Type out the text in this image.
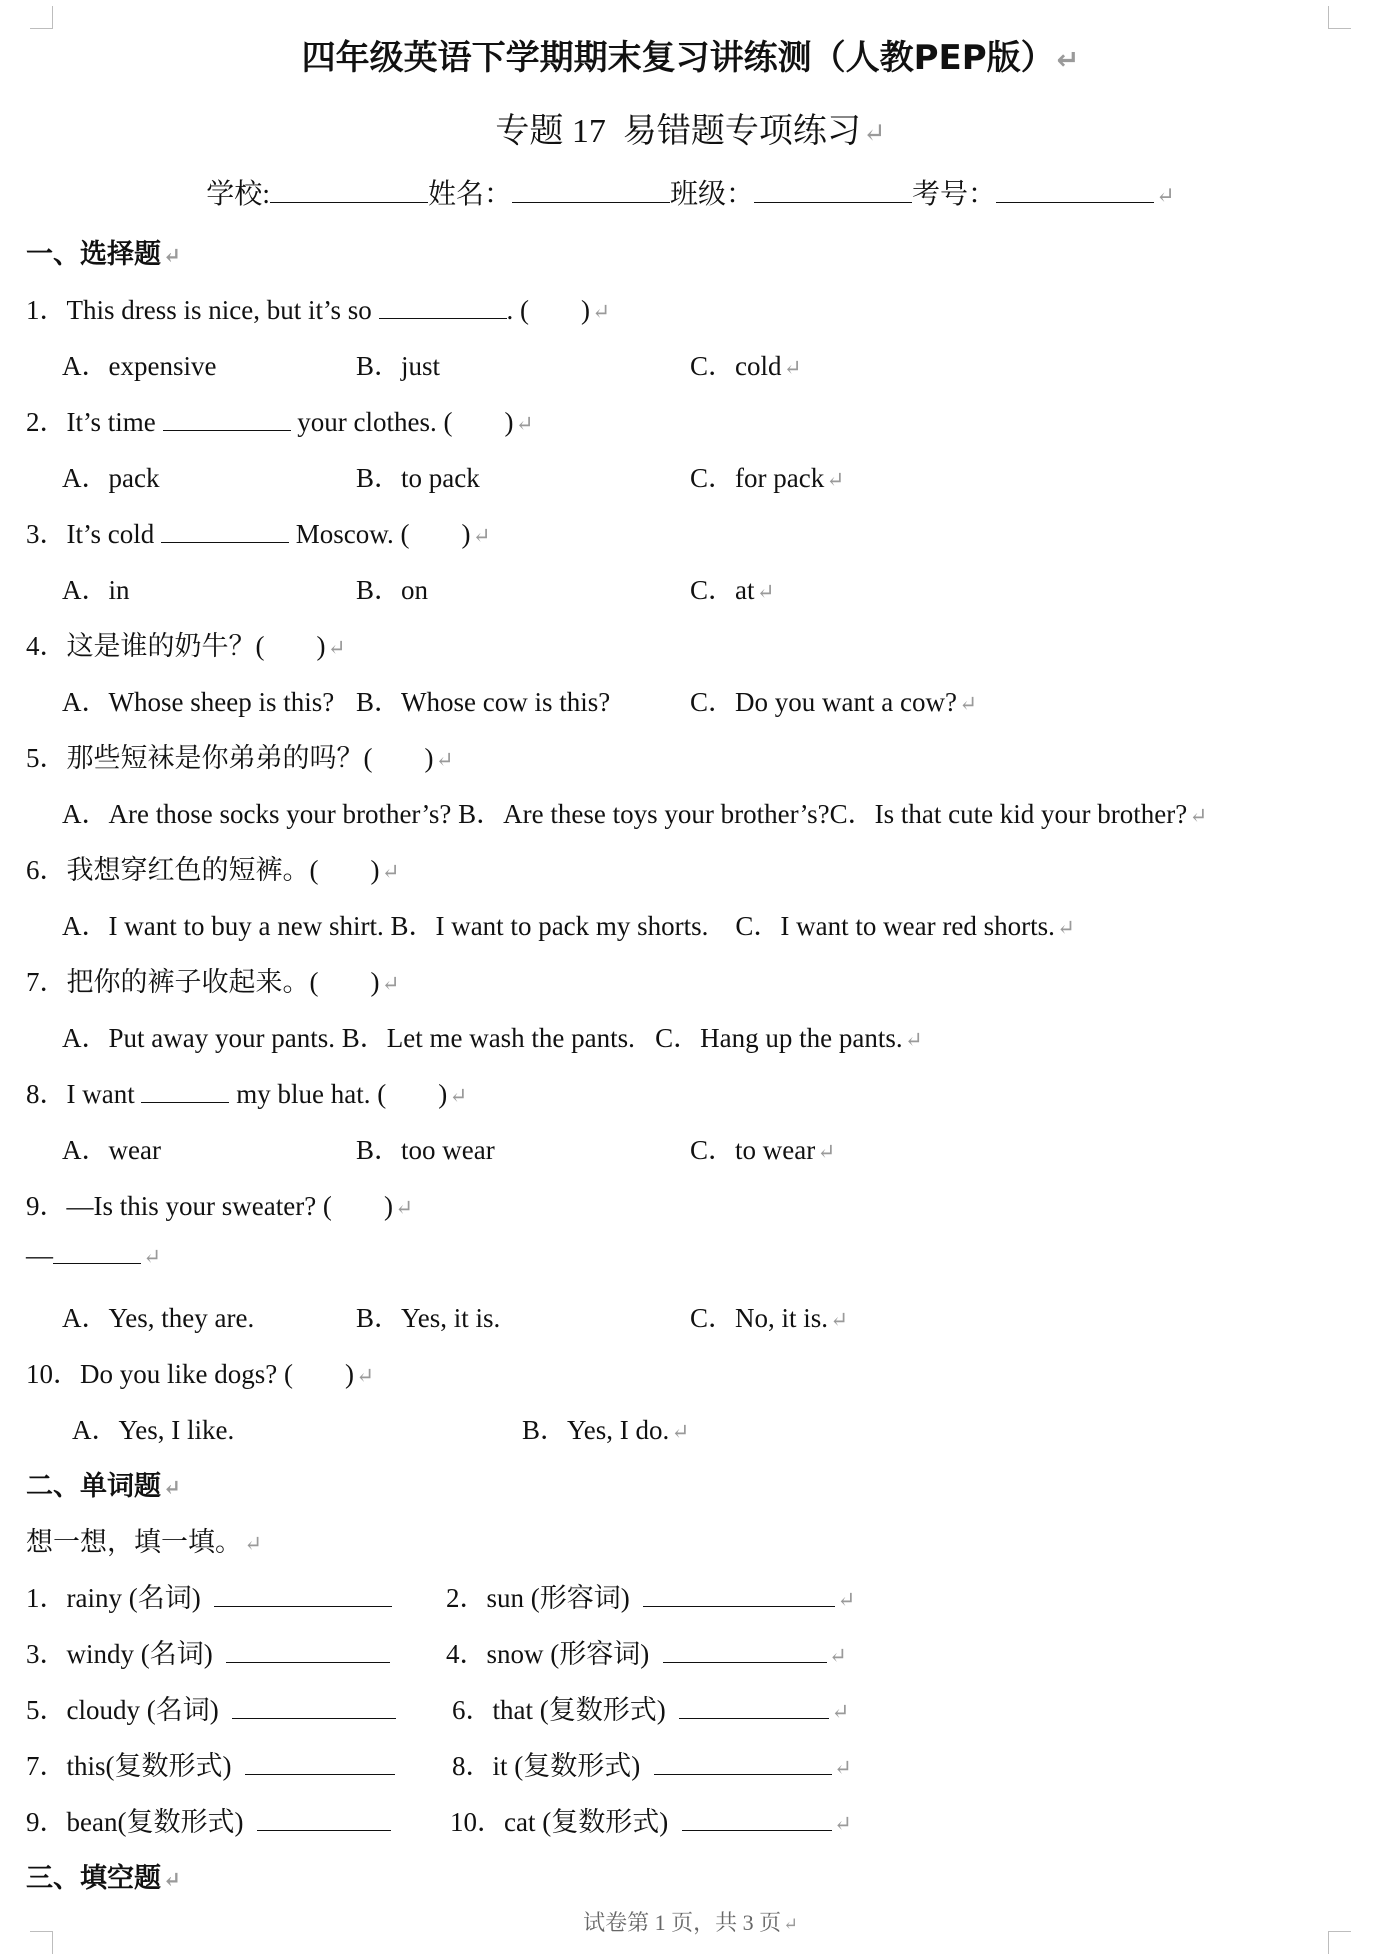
四年级英语下学期期末复习讲练测（人教PEP版）↵
专题 17 易错题专项练习↵
学校:	姓名：	班级：	考号：	↵
一、选择题↵
1．This dress is nice, but it’s so	. ( )↵
A．expensive	B．just	C．cold↵
2．It’s time	your clothes. ( )↵
A．pack	B．to pack	C．for pack↵
3．It’s cold	Moscow. ( )↵
A．in	B．on	C．at↵
4．这是谁的奶牛？( )↵
A．Whose sheep is this? B．Whose cow is this?	C．Do you want a cow?↵
5．那些短袜是你弟弟的吗？( )↵
A．Are those socks your brother’s? B．Are these toys your brother’s?C．Is that cute kid your brother?↵
6．我想穿红色的短裤。( )↵
A．I want to buy a new shirt. B．I want to pack my shorts. C．I want to wear red shorts.↵
7．把你的裤子收起来。( )↵
A．Put away your pants. B．Let me wash the pants. C．Hang up the pants.↵
8．I want	my blue hat. ( )↵
A．wear	B．too wear	C．to wear↵
9．—Is this your sweater? ( )↵
—	↵
A．Yes, they are.	B．Yes, it is.	C．No, it is.↵
10．Do you like dogs? ( )↵
A．Yes, I like.	B．Yes, I do.↵
二、单词题↵
想一想，填一填。↵
1．rainy (名词)	2．sun (形容词)	↵
3．windy (名词)	4．snow (形容词)	↵
5．cloudy (名词)	6．that (复数形式)	↵
7．this(复数形式)	8．it (复数形式)	↵
9．bean(复数形式)	10．cat (复数形式)	↵
三、填空题↵
试卷第 1 页，共 3 页 ↵
